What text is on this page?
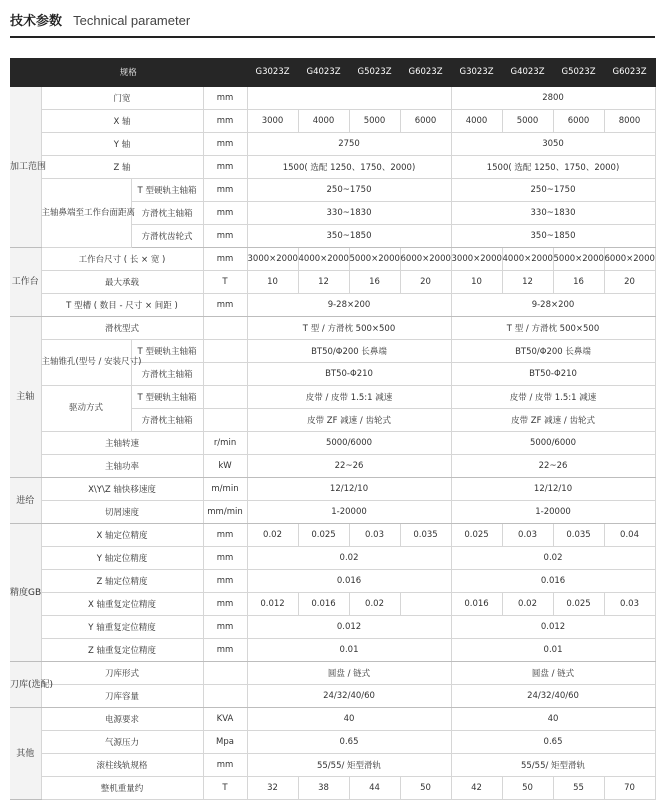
技术参数 Technical parameter
规格				G3023Z	G4023Z	G5023Z	G6023Z	G3023Z	G4023Z	G5023Z	G6023Z
加工范围	门宽		mm					2800			
	X 轴		mm	3000	4000	5000	6000	4000	5000	6000	8000
	Y 轴		mm	2750				3050			
	Z 轴		mm	1500( 选配 1250、1750、2000)				1500( 选配 1250、1750、2000)			
	主轴鼻端至工作台面距离	T 型硬轨主轴箱	mm	250~1750				250~1750			
		方滑枕主轴箱	mm	330~1830				330~1830			
		方滑枕齿轮式	mm	350~1850				350~1850			
工作台	工作台尺寸 ( 长 × 宽 )		mm	3000×2000	4000×2000	5000×2000	6000×2000	3000×2000	4000×2000	5000×2000	6000×2000
	最大承载		T	10	12	16	20	10	12	16	20
	T 型槽 ( 数目 - 尺寸 × 间距 )		mm	9-28×200				9-28×200			
主轴	滑枕型式			T 型 / 方滑枕 500×500				T 型 / 方滑枕 500×500			
	主轴锥孔(型号 / 安装尺寸)	T 型硬轨主轴箱		BT50/Φ200 长鼻端				BT50/Φ200 长鼻端			
		方滑枕主轴箱		BT50-Φ210				BT50-Φ210			
	驱动方式	T 型硬轨主轴箱		皮带 / 皮带 1.5:1 减速				皮带 / 皮带 1.5:1 减速			
		方滑枕主轴箱		皮带 ZF 减速 / 齿轮式				皮带 ZF 减速 / 齿轮式			
	主轴转速		r/min	5000/6000				5000/6000			
	主轴功率		kW	22~26				22~26			
进给	X\Y\Z 轴快移速度		m/min	12/12/10				12/12/10			
	切屑速度		mm/min	1-20000				1-20000			
精度GB	X 轴定位精度		mm	0.02	0.025	0.03	0.035	0.025	0.03	0.035	0.04
	Y 轴定位精度		mm	0.02				0.02			
	Z 轴定位精度		mm	0.016				0.016			
	X 轴重复定位精度		mm	0.012	0.016	0.02		0.016	0.02	0.025	0.03
	Y 轴重复定位精度		mm	0.012				0.012			
	Z 轴重复定位精度		mm	0.01				0.01			
刀库(选配)	刀库形式			圆盘 / 链式				圆盘 / 链式			
	刀库容量			24/32/40/60				24/32/40/60			
其他	电源要求		KVA	40				40			
	气源压力		Mpa	0.65				0.65			
	滚柱线轨规格		mm	55/55/ 矩型滑轨				55/55/ 矩型滑轨			
	整机重量约		T	32	38	44	50	42	50	55	70
